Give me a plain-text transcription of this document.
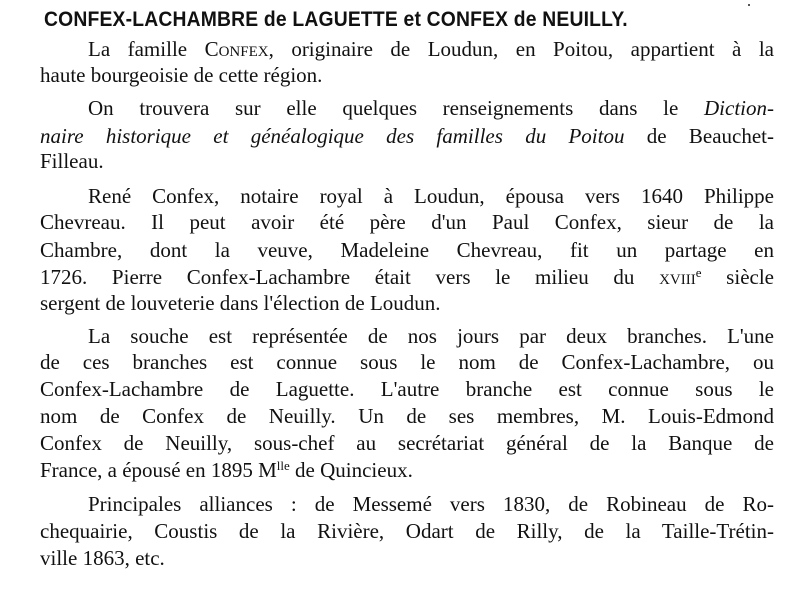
CONFEX-LACHAMBRE de LAGUETTE et CONFEX de NEUILLY.
La famille Confex, originaire de Loudun, en Poitou, appartient à la
haute bourgeoisie de cette région.
On trouvera sur elle quelques renseignements dans le Diction-
naire historique et généalogique des familles du Poitou de Beauchet-
Filleau.
René Confex, notaire royal à Loudun, épousa vers 1640 Philippe
Chevreau. Il peut avoir été père d'un Paul Confex, sieur de la
Chambre, dont la veuve, Madeleine Chevreau, fit un partage en
1726. Pierre Confex-Lachambre était vers le milieu du xviii$^e$ siècle
sergent de louveterie dans l'élection de Loudun.
La souche est représentée de nos jours par deux branches. L'une
de ces branches est connue sous le nom de Confex-Lachambre, ou
Confex-Lachambre de Laguette. L'autre branche est connue sous le
nom de Confex de Neuilly. Un de ses membres, M. Louis-Edmond
Confex de Neuilly, sous-chef au secrétariat général de la Banque de
France, a épousé en 1895 $M^{lle}$ de Quincieux.
Principales alliances : de Messemé vers 1830, de Robineau de Ro-
chequairie, Coustis de la Rivière, Odart de Rilly, de la Taille-Trétin-
ville 1863, etc.
